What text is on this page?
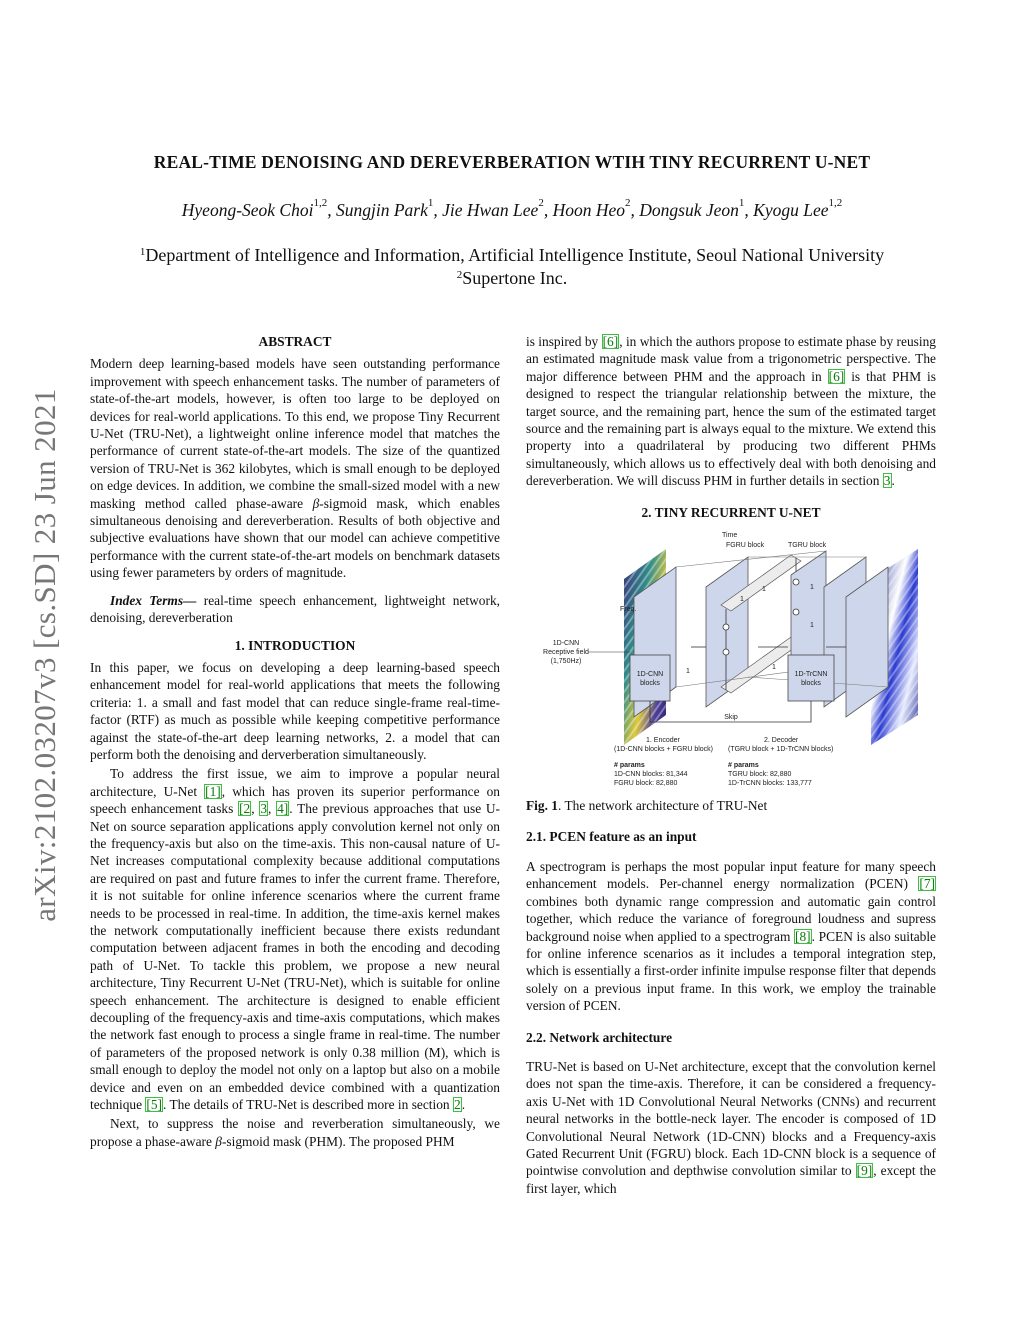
arXiv:2102.03207v3 [cs.SD] 23 Jun 2021
REAL-TIME DENOISING AND DEREVERBERATION WTIH TINY RECURRENT U-NET
Hyeong-Seok Choi$^{1,2}$, Sungjin Park$^1$, Jie Hwan Lee$^2$, Hoon Heo$^2$, Dongsuk Jeon$^1$, Kyogu Lee$^{1,2}$
$^1$Department of Intelligence and Information, Artificial Intelligence Institute, Seoul National University
$^2$Supertone Inc.
ABSTRACT

Modern deep learning-based models have seen outstanding performance improvement with speech enhancement tasks. The number of parameters of state-of-the-art models, however, is often too large to be deployed on devices for real-world applications. To this end, we propose Tiny Recurrent U-Net (TRU-Net), a lightweight online inference model that matches the performance of current state-of-the-art models. The size of the quantized version of TRU-Net is 362 kilobytes, which is small enough to be deployed on edge devices. In addition, we combine the small-sized model with a new masking method called phase-aware β-sigmoid mask, which enables simultaneous denoising and dereverberation. Results of both objective and subjective evaluations have shown that our model can achieve competitive performance with the current state-of-the-art models on benchmark datasets using fewer parameters by orders of magnitude.

Index Terms— real-time speech enhancement, lightweight network, denoising, dereverberation

1. INTRODUCTION

In this paper, we focus on developing a deep learning-based speech enhancement model for real-world applications that meets the following criteria: 1. a small and fast model that can reduce single-frame real-time-factor (RTF) as much as possible while keeping competitive performance against the state-of-the-art deep learning networks, 2. a model that can perform both the denoising and derverberation simultaneously.

To address the first issue, we aim to improve a popular neural architecture, U-Net [1], which has proven its superior performance on speech enhancement tasks [2, 3, 4]. The previous approaches that use U-Net on source separation applications apply convolution kernel not only on the frequency-axis but also on the time-axis. This non-causal nature of U-Net increases computational complexity because additional computations are required on past and future frames to infer the current frame. Therefore, it is not suitable for online inference scenarios where the current frame needs to be processed in real-time. In addition, the time-axis kernel makes the network computationally inefficient because there exists redundant computation between adjacent frames in both the encoding and decoding path of U-Net. To tackle this problem, we propose a new neural architecture, Tiny Recurrent U-Net (TRU-Net), which is suitable for online speech enhancement. The architecture is designed to enable efficient decoupling of the frequency-axis and time-axis computations, which makes the network fast enough to process a single frame in real-time. The number of parameters of the proposed network is only 0.38 million (M), which is small enough to deploy the model not only on a laptop but also on a mobile device and even on an embedded device combined with a quantization technique [5]. The details of TRU-Net is described more in section 2.

Next, to suppress the noise and reverberation simultaneously, we propose a phase-aware β-sigmoid mask (PHM). The proposed PHM

is inspired by [6], in which the authors propose to estimate phase by reusing an estimated magnitude mask value from a trigonometric perspective. The major difference between PHM and the approach in [6] is that PHM is designed to respect the triangular relationship between the mixture, the target source, and the remaining part, hence the sum of the estimated target source and the remaining part is always equal to the mixture. We extend this property into a quadrilateral by producing two different PHMs simultaneously, which allows us to effectively deal with both denoising and dereverberation. We will discuss PHM in further details in section 3.

2. TINY RECURRENT U-NET
1D-CNN
blocks
1D-TrCNN
blocks
Skip
Time
FGRU block	TGRU block
Freq.
1D-CNN
Receptive field
(1,750Hz)
1
1	1
1
1
1
1. Encoder
(1D-CNN blocks + FGRU block)
2. Decoder
(TGRU block + 1D-TrCNN blocks)
# params
1D-CNN blocks: 81,344
FGRU block: 82,880
# params
TGRU block: 82,880
1D-TrCNN blocks: 133,777

Fig. 1. The network architecture of TRU-Net

2.1. PCEN feature as an input

A spectrogram is perhaps the most popular input feature for many speech enhancement models. Per-channel energy normalization (PCEN) [7] combines both dynamic range compression and automatic gain control together, which reduce the variance of foreground loudness and supress background noise when applied to a spectrogram [8]. PCEN is also suitable for online inference scenarios as it includes a temporal integration step, which is essentially a first-order infinite impulse response filter that depends solely on a previous input frame. In this work, we employ the trainable version of PCEN.

2.2. Network architecture

TRU-Net is based on U-Net architecture, except that the convolution kernel does not span the time-axis. Therefore, it can be considered a frequency-axis U-Net with 1D Convolutional Neural Networks (CNNs) and recurrent neural networks in the bottle-neck layer. The encoder is composed of 1D Convolutional Neural Network (1D-CNN) blocks and a Frequency-axis Gated Recurrent Unit (FGRU) block. Each 1D-CNN block is a sequence of pointwise convolution and depthwise convolution similar to [9], except the first layer, which
